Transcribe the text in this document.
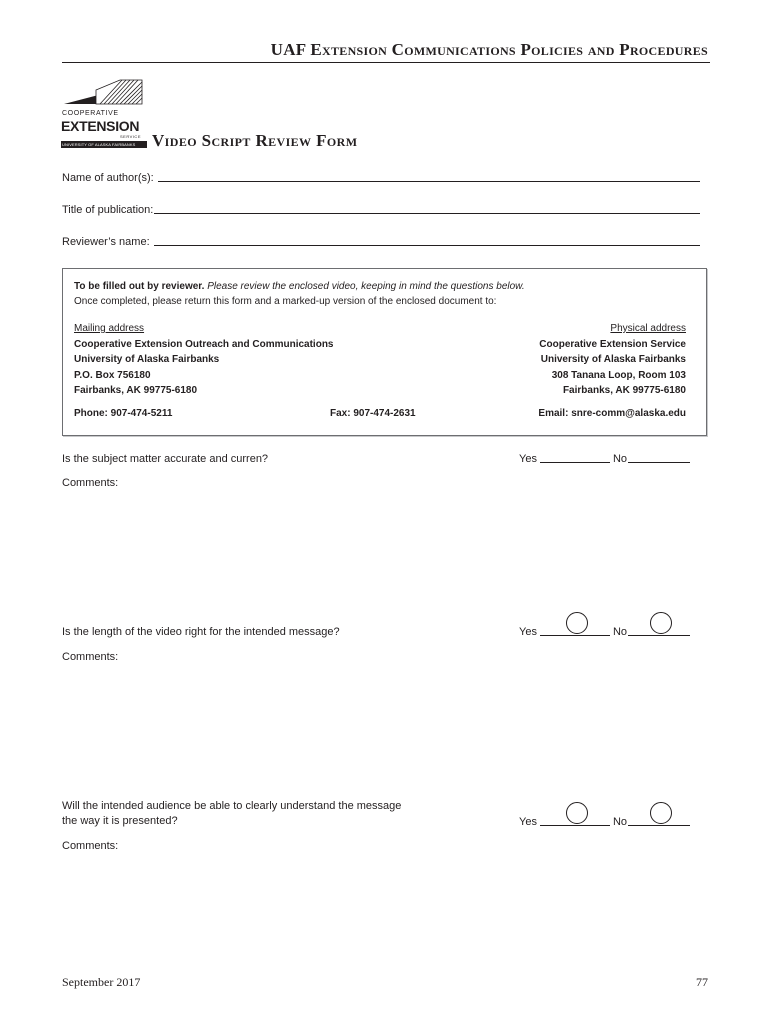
UAF Extension Communications Policies and Procedures
COOPERATIVE
EXTENSION
SERVICE
UNIVERSITY OF ALASKA FAIRBANKS Video Script Review Form
Name of author(s):
Title of publication:
Reviewer’s name:
To be filled out by reviewer. Please review the enclosed video, keeping in mind the questions below.
Once completed, please return this form and a marked-up version of the enclosed document to:
Mailing address
Cooperative Extension Outreach and Communications
University of Alaska Fairbanks
P.O. Box 756180
Fairbanks, AK 99775-6180
Physical address
Cooperative Extension Service
University of Alaska Fairbanks
308 Tanana Loop, Room 103
Fairbanks, AK 99775-6180
Phone: 907-474-5211	Fax: 907-474-2631	Email: snre-comm@alaska.edu
Is the subject matter accurate and curren?	Yes	No
Comments:
Is the length of the video right for the intended message?	Yes	No
Comments:
Will the intended audience be able to clearly understand the message
the way it is presented?	Yes	No
Comments:
September 2017	77
